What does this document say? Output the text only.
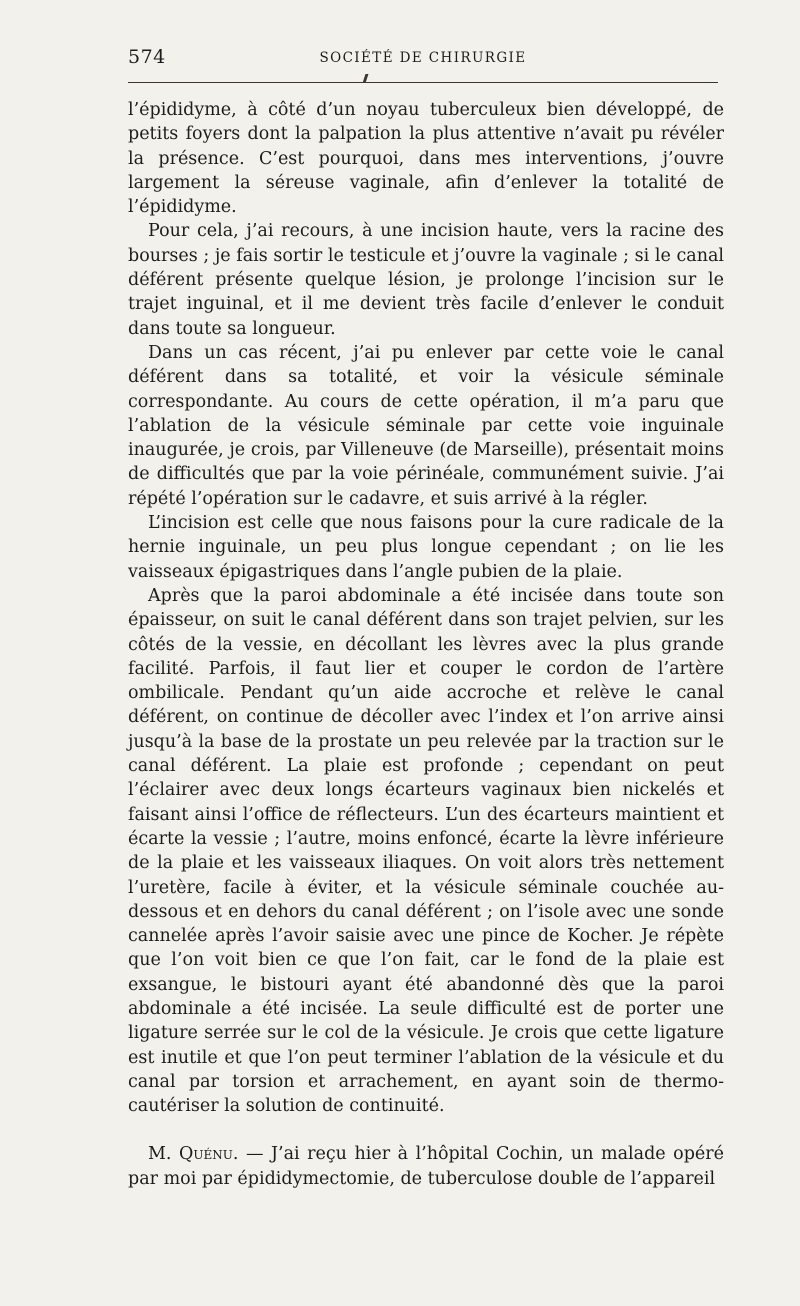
574	SOCIÉTÉ DE CHIRURGIE

l’épididyme, à côté d’un noyau tuberculeux bien développé, de petits foyers dont la palpation la plus attentive n’avait pu révéler la présence. C’est pourquoi, dans mes interventions, j’ouvre largement la séreuse vaginale, afin d’enlever la totalité de l’épididyme.

Pour cela, j’ai recours, à une incision haute, vers la racine des bourses ; je fais sortir le testicule et j’ouvre la vaginale ; si le canal déférent présente quelque lésion, je prolonge l’incision sur le trajet inguinal, et il me devient très facile d’enlever le conduit dans toute sa longueur.

Dans un cas récent, j’ai pu enlever par cette voie le canal déférent dans sa totalité, et voir la vésicule séminale correspondante. Au cours de cette opération, il m’a paru que l’ablation de la vésicule séminale par cette voie inguinale inaugurée, je crois, par Villeneuve (de Marseille), présentait moins de difficultés que par la voie périnéale, communément suivie. J’ai répété l’opération sur le cadavre, et suis arrivé à la régler.

L’incision est celle que nous faisons pour la cure radicale de la hernie inguinale, un peu plus longue cependant ; on lie les vaisseaux épigastriques dans l’angle pubien de la plaie.

Après que la paroi abdominale a été incisée dans toute son épaisseur, on suit le canal déférent dans son trajet pelvien, sur les côtés de la vessie, en décollant les lèvres avec la plus grande facilité. Parfois, il faut lier et couper le cordon de l’artère ombilicale. Pendant qu’un aide accroche et relève le canal déférent, on continue de décoller avec l’index et l’on arrive ainsi jusqu’à la base de la prostate un peu relevée par la traction sur le canal déférent. La plaie est profonde ; cependant on peut l’éclairer avec deux longs écarteurs vaginaux bien nickelés et faisant ainsi l’office de réflecteurs. L’un des écarteurs maintient et écarte la vessie ; l’autre, moins enfoncé, écarte la lèvre inférieure de la plaie et les vaisseaux iliaques. On voit alors très nettement l’uretère, facile à éviter, et la vésicule séminale couchée au-dessous et en dehors du canal déférent ; on l’isole avec une sonde cannelée après l’avoir saisie avec une pince de Kocher. Je répète que l’on voit bien ce que l’on fait, car le fond de la plaie est exsangue, le bistouri ayant été abandonné dès que la paroi abdominale a été incisée. La seule difficulté est de porter une ligature serrée sur le col de la vésicule. Je crois que cette ligature est inutile et que l’on peut terminer l’ablation de la vésicule et du canal par torsion et arrachement, en ayant soin de thermo-cautériser la solution de continuité.

M. Quénu. — J’ai reçu hier à l’hôpital Cochin, un malade opéré par moi par épididymectomie, de tuberculose double de l’appareil
